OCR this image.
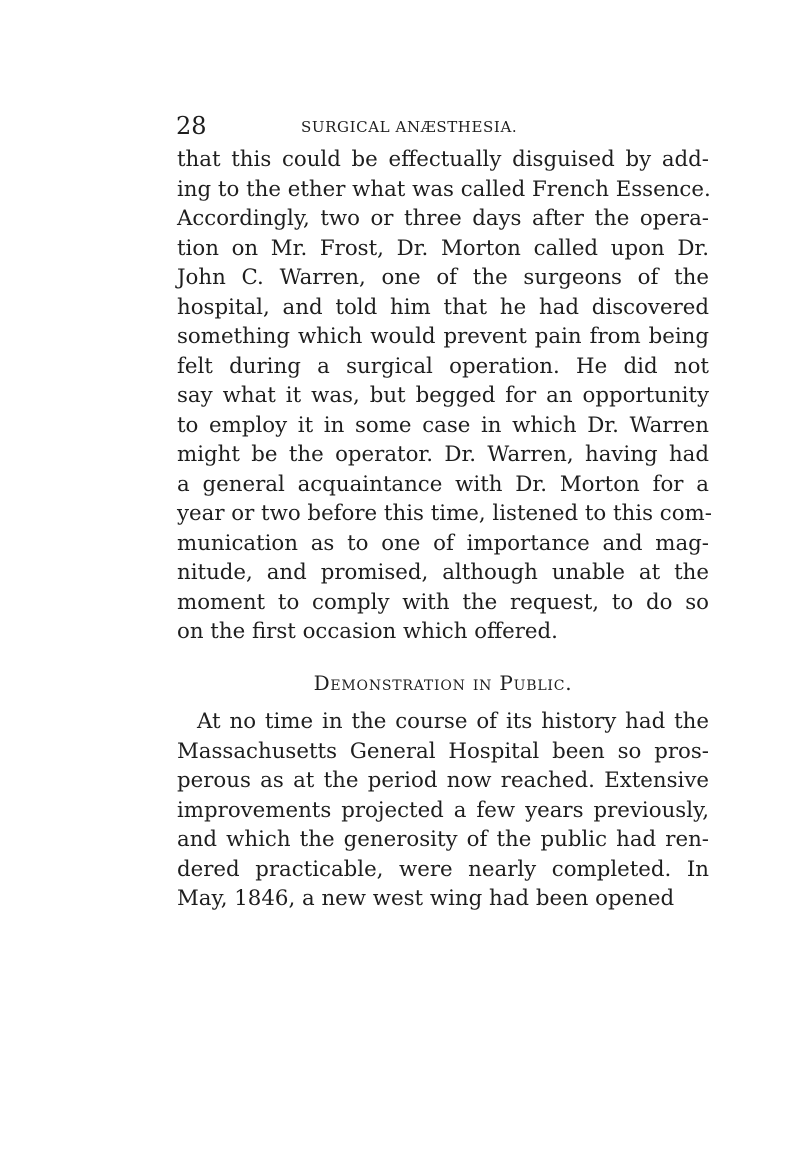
28	SURGICAL ANÆSTHESIA.
that this could be effectually disguised by add-
ing to the ether what was called French Essence.
Accordingly, two or three days after the opera-
tion on Mr. Frost, Dr. Morton called upon Dr.
John C. Warren, one of the surgeons of the
hospital, and told him that he had discovered
something which would prevent pain from being
felt during a surgical operation. He did not
say what it was, but begged for an opportunity
to employ it in some case in which Dr. Warren
might be the operator. Dr. Warren, having had
a general acquaintance with Dr. Morton for a
year or two before this time, listened to this com-
munication as to one of importance and mag-
nitude, and promised, although unable at the
moment to comply with the request, to do so
on the first occasion which offered.
Demonstration in Public.
At no time in the course of its history had the
Massachusetts General Hospital been so pros-
perous as at the period now reached. Extensive
improvements projected a few years previously,
and which the generosity of the public had ren-
dered practicable, were nearly completed. In
May, 1846, a new west wing had been opened
